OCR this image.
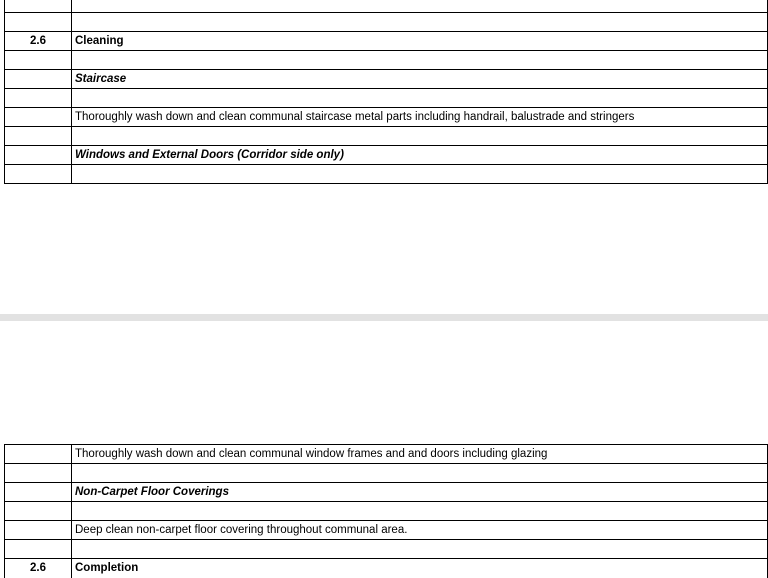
2.6	Cleaning

	Staircase

	Thoroughly wash down and clean communal staircase metal parts including handrail, balustrade and stringers

	Windows and External Doors (Corridor side only)

	Thoroughly wash down and clean communal window frames and and doors including glazing

	Non-Carpet Floor Coverings

	Deep clean non-carpet floor covering throughout communal area.

2.6	Completion
